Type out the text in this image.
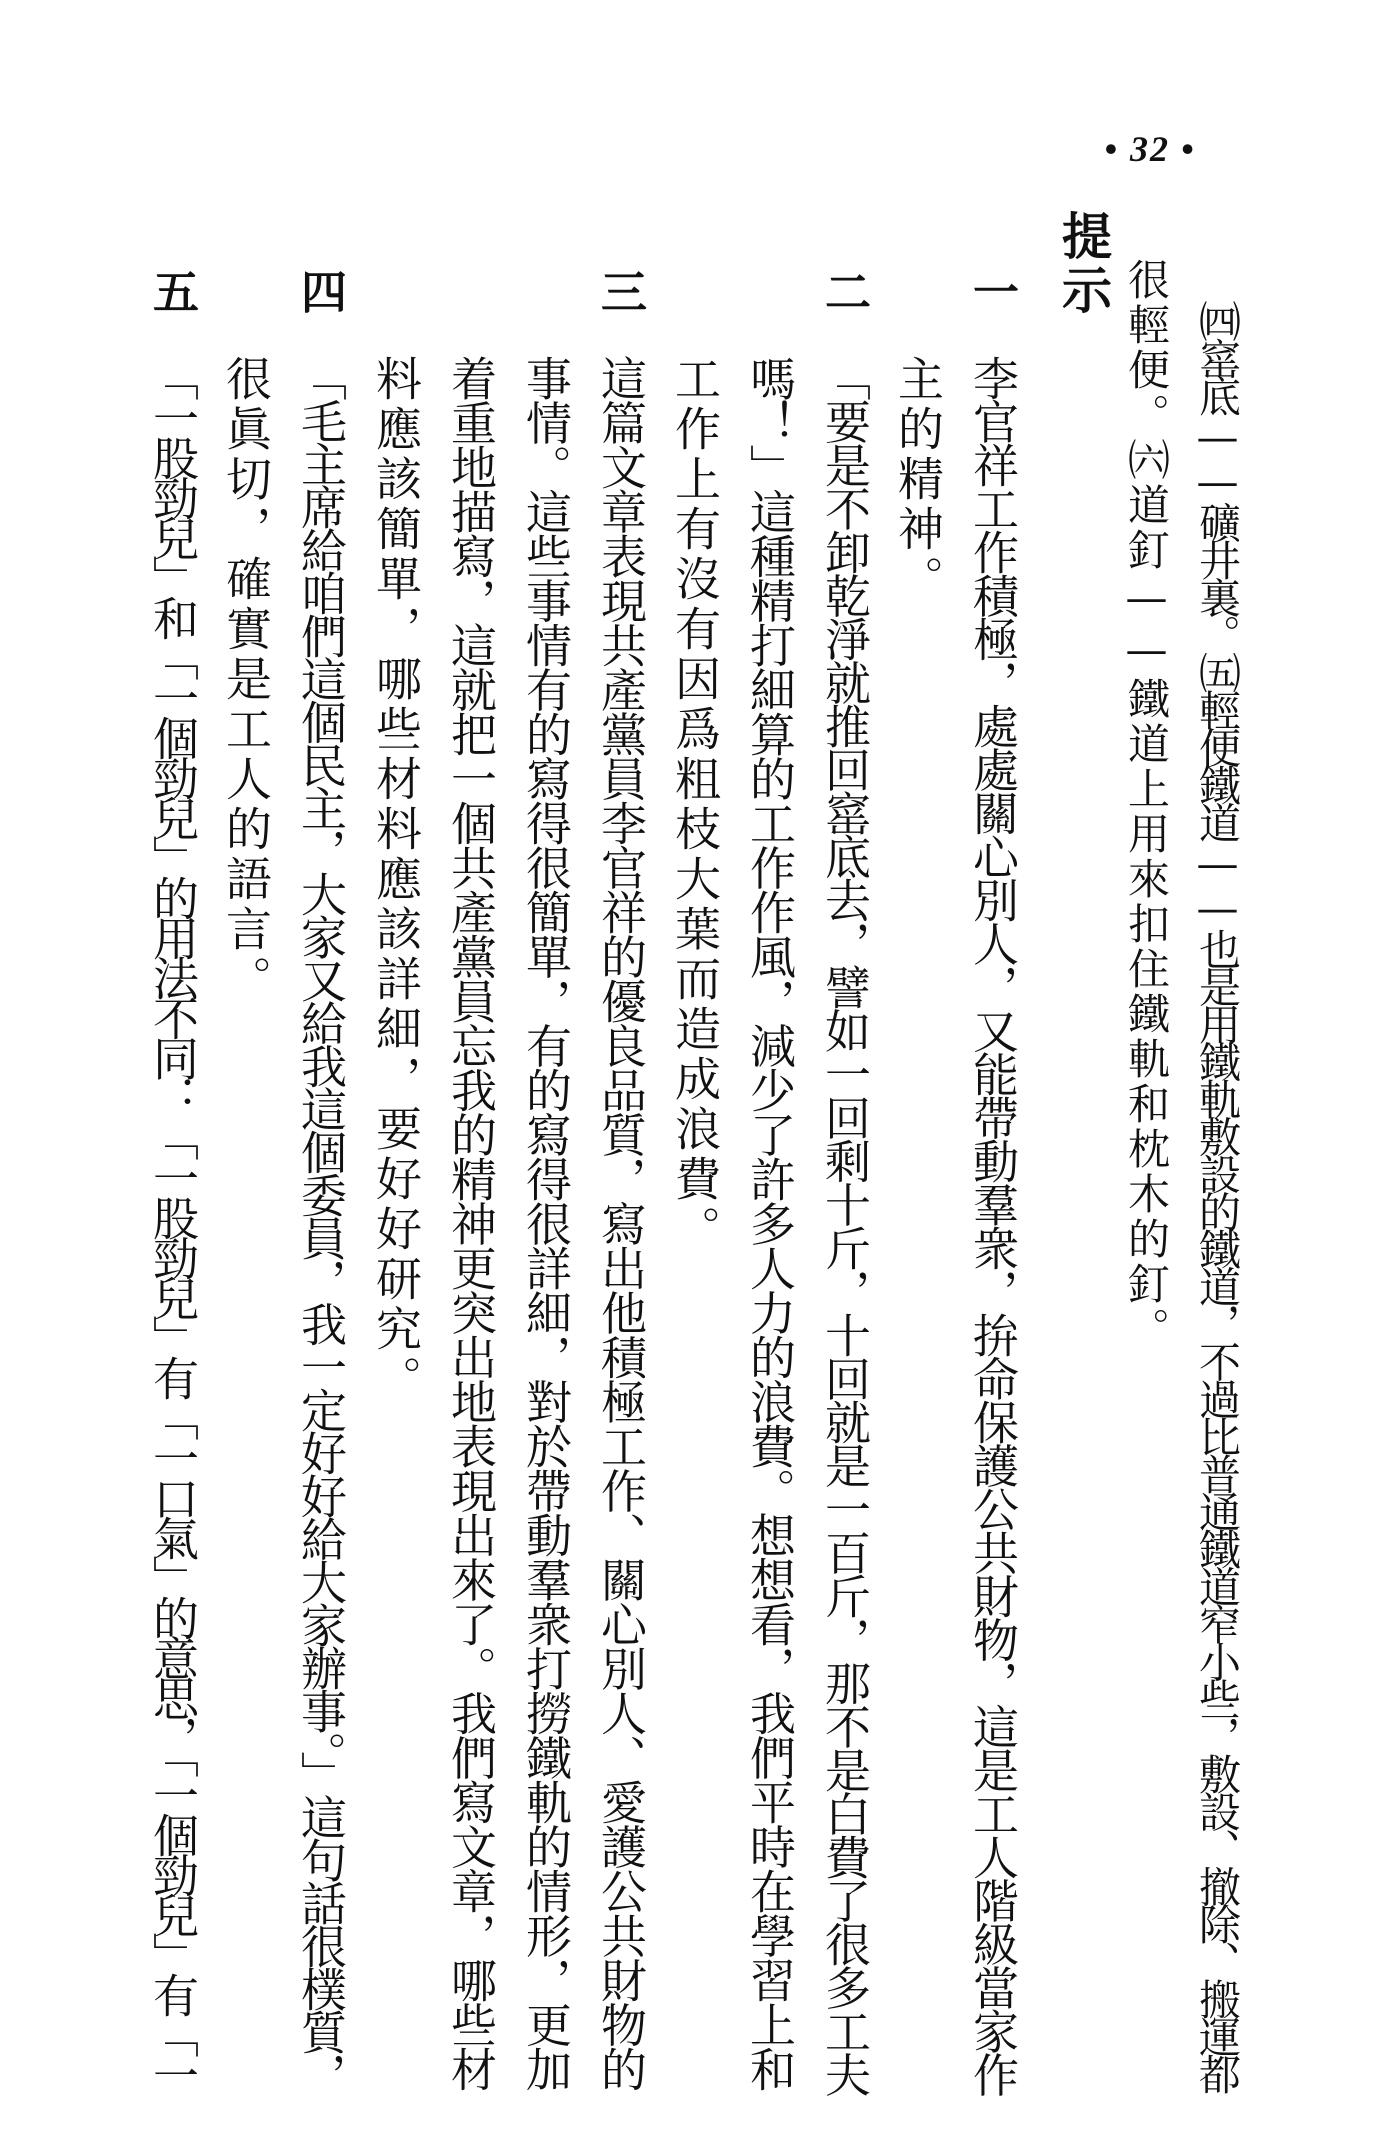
• 32 •
㈣窰底——礦井裏。㈤輕便鐵道——也是用鐵軌敷設的鐵道，不過比普通鐵道窄小些，敷設、撤除、搬運都
很輕便。㈥道釘——鐵道上用來扣住鐵軌和枕木的釘。
提示
一
李官祥工作積極，處處關心別人，又能帶動羣衆，拚命保護公共財物，這是工人階級當家作
主的精神。
二
「要是不卸乾淨就推回窰底去，譬如一回剩十斤，十回就是一百斤，那不是白費了很多工夫
嗎！」這種精打細算的工作作風，減少了許多人力的浪費。想想看，我們平時在學習上和
工作上有沒有因爲粗枝大葉而造成浪費。
三
這篇文章表現共產黨員李官祥的優良品質，寫出他積極工作、關心別人、愛護公共財物的
事情。這些事情有的寫得很簡單，有的寫得很詳細，對於帶動羣衆打撈鐵軌的情形，更加
着重地描寫，這就把一個共產黨員忘我的精神更突出地表現出來了。我們寫文章，哪些材
料應該簡單，哪些材料應該詳細，要好好研究。
四
「毛主席給咱們這個民主，大家又給我這個委員，我一定好好給大家辦事。」這句話很樸質，
很眞切，確實是工人的語言。
五
「一股勁兒」和「一個勁兒」的用法不同：「一股勁兒」有「一口氣」的意思，「一個勁兒」有「一
